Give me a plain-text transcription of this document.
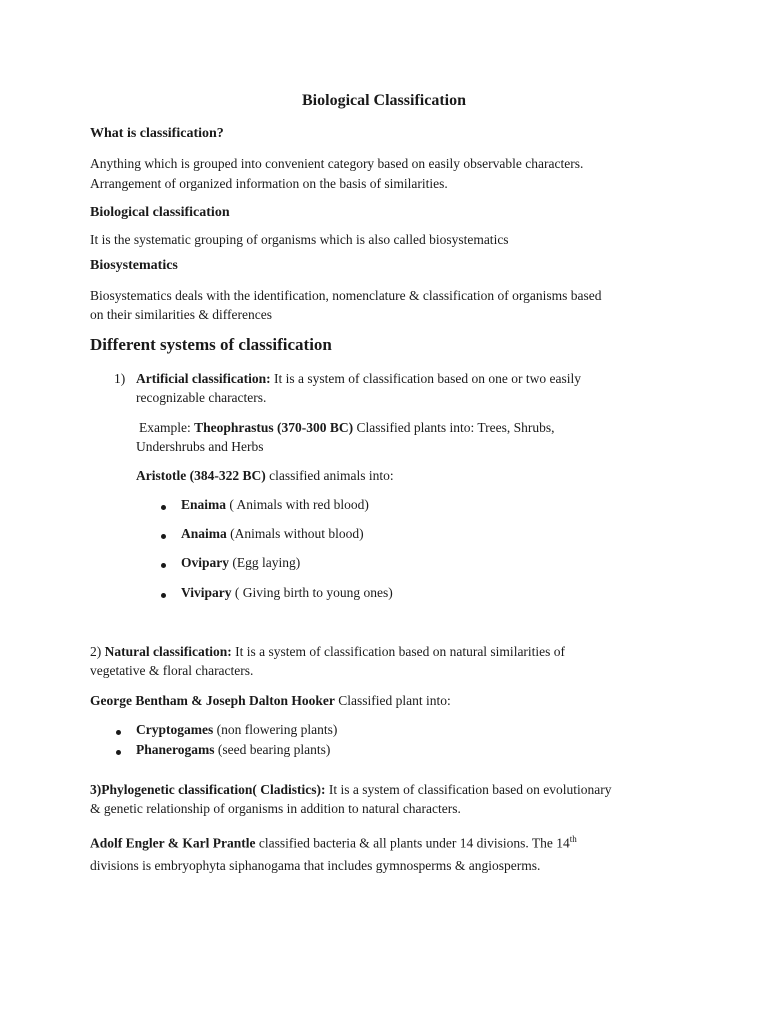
Biological Classification
What is classification?
Anything which is grouped into convenient category based on easily observable characters.
Arrangement of organized information on the basis of similarities.
Biological classification
It is the systematic grouping of organisms which is also called biosystematics
Biosystematics
Biosystematics deals with the identification, nomenclature & classification of organisms based
on their similarities & differences
Different systems of classification
1) Artificial classification: It is a system of classification based on one or two easily
recognizable characters.
Example: Theophrastus (370-300 BC) Classified plants into: Trees, Shrubs,
Undershrubs and Herbs
Aristotle (384-322 BC) classified animals into:
Enaima ( Animals with red blood)
Anaima (Animals without blood)
Ovipary (Egg laying)
Vivipary ( Giving birth to young ones)
2) Natural classification: It is a system of classification based on natural similarities of
vegetative & floral characters.
George Bentham & Joseph Dalton Hooker Classified plant into:
Cryptogames (non flowering plants)
Phanerogams (seed bearing plants)
3)Phylogenetic classification( Cladistics): It is a system of classification based on evolutionary
& genetic relationship of organisms in addition to natural characters.
Adolf Engler & Karl Prantle classified bacteria & all plants under 14 divisions. The 14th
divisions is embryophyta siphanogama that includes gymnosperms & angiosperms.
